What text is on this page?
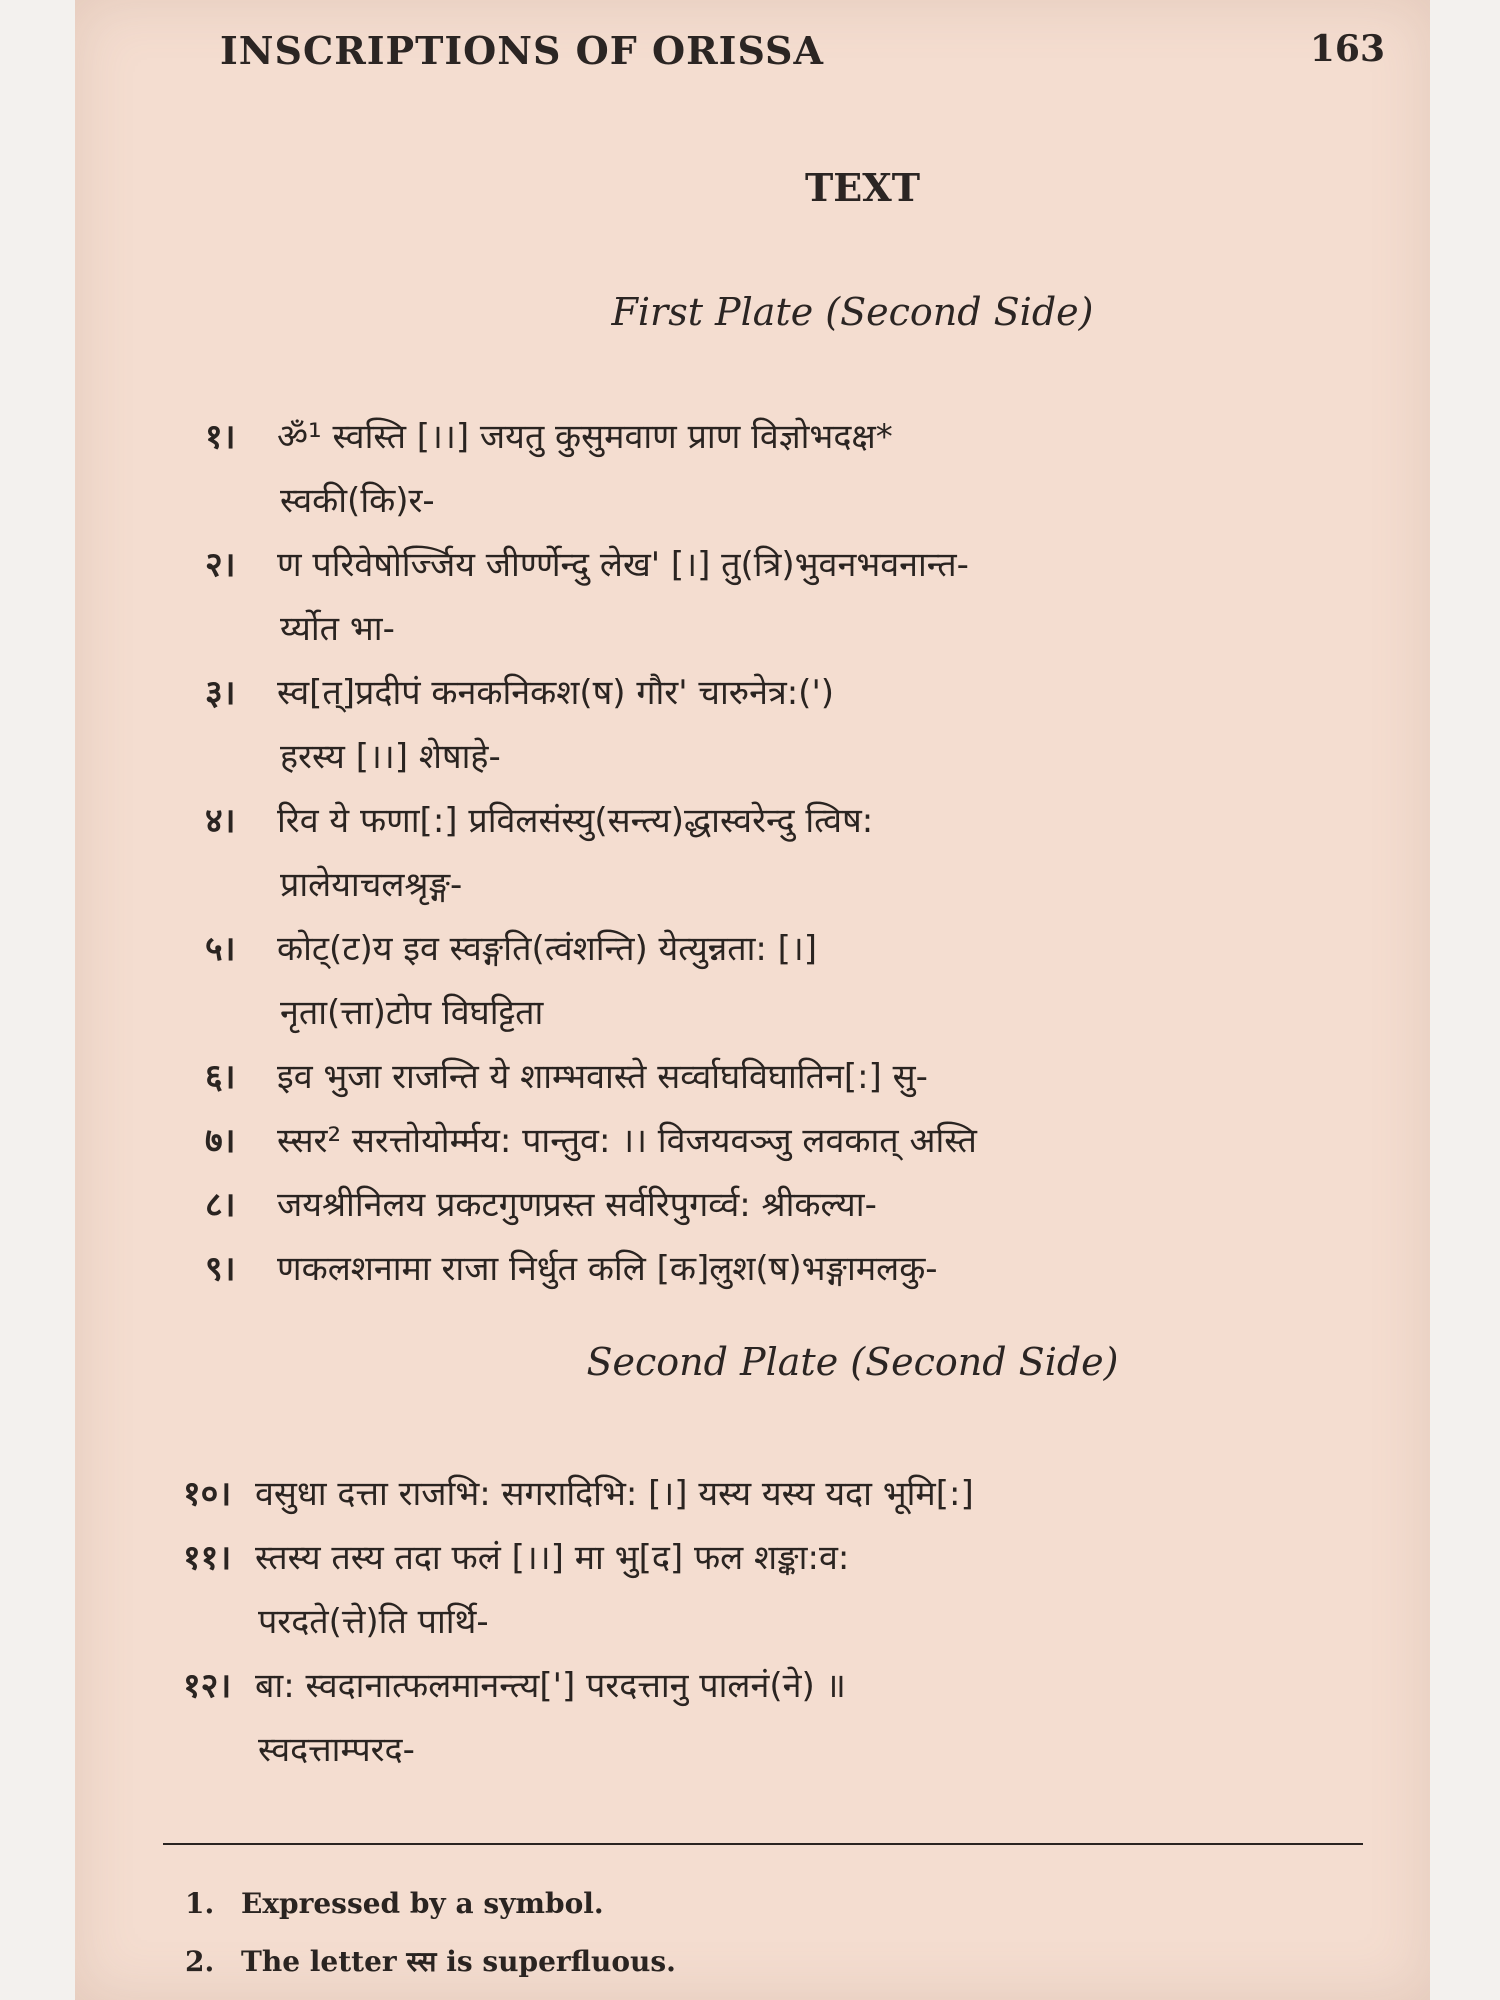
INSCRIPTIONS OF ORISSA	163
TEXT
First Plate (Second Side)
१। ॐ¹ स्वस्ति [।।] जयतु कुसुमवाण प्राण विज्ञोभदक्ष*
स्वकी(कि)र-
२। ण परिवेषोर्ज्जिय जीर्ण्णेन्दु लेख' [।] तु(त्रि)भुवनभवनान्त-
र्य्योत भा-
३। स्व[त्]प्रदीपं कनकनिकश(ष) गौर' चारुनेत्र:(')
हरस्य [।।] शेषाहे-
४। रिव ये फणा[:] प्रविलसंस्यु(सन्त्य)द्धास्वरेन्दु त्विष:
प्रालेयाचलश्रृङ्ग-
५। कोट्(ट)य इव स्वङ्गति(त्वंशन्ति) येत्युन्नता: [।]
नृता(त्ता)टोप विघट्टिता
६। इव भुजा राजन्ति ये शाम्भवास्ते सर्व्वाघविघातिन[:] सु-
७। स्सर² सरत्तोयोर्म्मय: पान्तुव: ।। विजयवञ्जु लवकात् अस्ति
८। जयश्रीनिलय प्रकटगुणप्रस्त सर्वरिपुगर्व्व: श्रीकल्या-
९। णकलशनामा राजा निर्धुत कलि [क]लुश(ष)भङ्गामलकु-
Second Plate (Second Side)
१०। वसुधा दत्ता राजभि: सगरादिभि: [।] यस्य यस्य यदा भूमि[:]
११। स्तस्य तस्य तदा फलं [।।] मा भु[द] फल शङ्का:व:
परदते(त्ते)ति पार्थि-
१२। बा: स्वदानात्फलमानन्त्य['] परदत्तानु पालनं(ने) ॥
स्वदत्ताम्परद-
1. Expressed by a symbol.
2. The letter स्स is superfluous.
